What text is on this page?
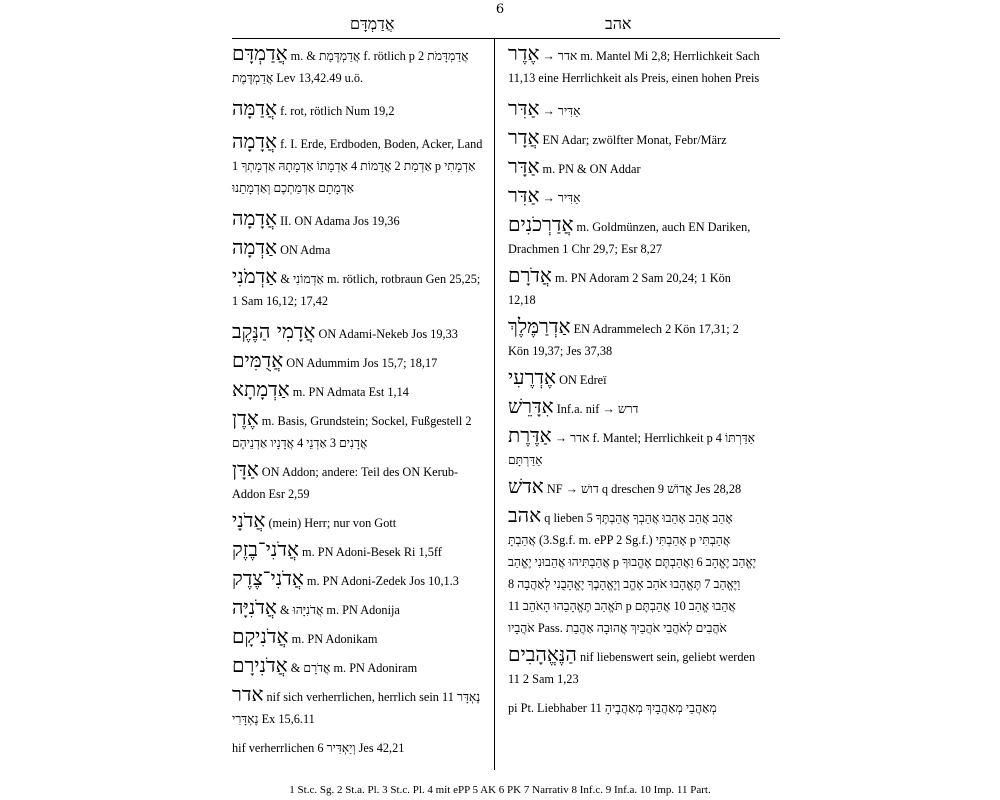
6
אֲדַמְדָּם	אהב
אֲדַמְדָּם m. & אֲדַמְדֶּמֶת f. rötlich p אֲדַמְדָּמֹת 2 אֲדַמְדֶּמֶת Lev 13,42.49 u.ö.
אֲדַמָּה f. rot, rötlich Num 19,2
אֲדָמָה f. I. Erde, Erdboden, Boden, Acker, Land 1 אַדְמַת 2 אֲדָמוֹת 4 אַדְמָתוֹ אַדְמָתָהּ אַדְמָתְךָ p אַדְמָתִי אַדְמָתָם אַדְמַתְכֶם וְאַדְמָתֵנוּ
אֲדָמָה II. ON Adama Jos 19,36
אַדְמָה ON Adma
אַדְמֹנִי & אַדְמוֹנִי m. rötlich, rotbraun Gen 25,25; 1 Sam 16,12; 17,42
אֲדָמִי הַנֶּקֶב ON Adami-Nekeb Jos 19,33
אֲדֻמִּים ON Adummim Jos 15,7; 18,17
אַדְמָתָא m. PN Admata Est 1,14
אֶדֶן m. Basis, Grundstein; Sockel, Fußgestell 2 אֲדָנִים 3 אַדְנֵי 4 אֲדָנָיו אַדְנֵיהֶם
אַדָּן ON Addon; andere: Teil des ON Kerub-Addon Esr 2,59
אֲדֹנָי (mein) Herr; nur von Gott
אֲדֹנִי־בֶזֶק m. PN Adoni-Besek Ri 1,5ff
אֲדֹנִי־צֶדֶק m. PN Adoni-Zedek Jos 10,1.3
אֲדֹנִיָּה & אֲדֹנִיָּהוּ m. PN Adonija
אֲדֹנִיקָם m. PN Adonikam
אֲדֹנִירָם & אֲדֹרָם m. PN Adoniram
אדר nif sich verherrlichen, herrlich sein 11 נֶאְדָּר נֶאְדָּרִי Ex 15,6.11
hif verherrlichen 6 וְיַאְדִּיר Jes 42,21
אֶדֶר → אדר m. Mantel Mi 2,8; Herrlichkeit Sach 11,13 eine Herrlichkeit als Preis, einen hohen Preis
אַדִּר → אַדִּיר
אֲדָר EN Adar; zwölfter Monat, Febr/März
אַדָּר m. PN & ON Addar
אַדִּר → אַדִּיר
אֲדַרְכֹנִים m. Goldmünzen, auch EN Dariken, Drachmen 1 Chr 29,7; Esr 8,27
אֲדֹרָם m. PN Adoram 2 Sam 20,24; 1 Kön 12,18
אַדְרַמֶּלֶךְ EN Adrammelech 2 Kön 17,31; 2 Kön 19,37; Jes 37,38
אֶדְרֶעִי ON Edreï
אִדָּרֵשׁ Inf.a. nif → דרש
אַדֶּרֶת → אדר f. Mantel; Herrlichkeit p אַדַּרְתּוֹ 4 אַדַּרְתָּם
אדשׁ NF → דושׁ q dreschen 9 אֱדוֹשׁ Jes 28,28
אהב q lieben 5 אָהַב אֲהֵב אָהֵבוּ אֲהֵבְךָ אֲהַבְתֶּךָ אֲהַבְתָּ (3.Sg.f. m. ePP 2 Sg.f.) אָהַבְתִּי p אֲהַבְתִּי אֲהַבְתִּיהוּ אֲהֵבוּנִי יֶאֱהַב p יֶאֱהַב יֶאֱהָב 6 וַאֲהַבְתֶּם אֶהֱבוּךָ וַיֶּאֱהַב 7 תֶּאֱהָבוּ אֹהַב אֶהֱב וְיֶאֱהָבֶךָ יֶאֱהָבֻנִי לְאַהֲבָה 8 תֹּאֱהַב תֶּאֱהָבֵהוּ הָאֹהֵב 11 p אֲהֵבוּ אֱהַב 10 אֲהֵבְתֶּם אֹהֲבָיו Pass. אֹהֲבִים לְאֹהֲבִי אֹהֲבַיִךְ אֲהוּבָה אַהֲבַת
הַנֶּאֱהָבִים nif liebenswert sein, geliebt werden 11 2 Sam 1,23
pi Pt. Liebhaber 11 מְאַהֲבַי מְאַהֲבָיִךְ מְאַהֲבֶיהָ
1 St.c. Sg. 2 St.a. Pl. 3 St.c. Pl. 4 mit ePP 5 AK 6 PK 7 Narrativ 8 Inf.c. 9 Inf.a. 10 Imp. 11 Part.
